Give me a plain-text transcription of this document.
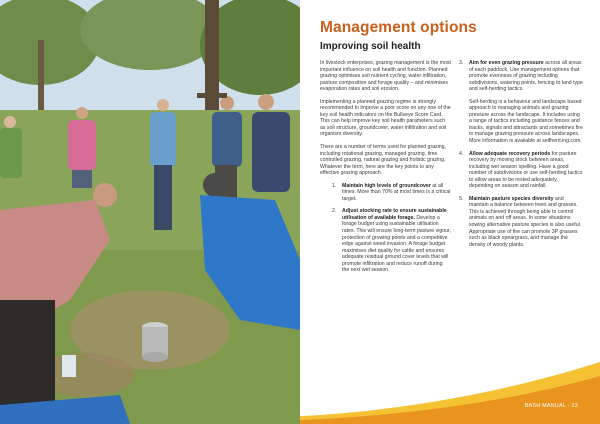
Management options
Improving soil health

In livestock enterprises, grazing management is the most important influence on soil health and function. Planned grazing optimises soil nutrient cycling, water infiltration, pasture composition and forage quality – and minimises evaporation rates and soil erosion.

Implementing a planned grazing regime is strongly recommended to improve a poor score on any one of the key soil health indicators on the Bullseye Score Card. This can help improve key soil health parameters such as soil structure, groundcover, water infiltration and soil organism diversity.

There are a number of terms used for planned grazing, including rotational grazing, managed grazing, time controlled grazing, natural grazing and holistic grazing. Whatever the term, here are the key points to any effective grazing approach.

1. Maintain high levels of groundcover at all times. More than 70% at most times is a critical target.
2. Adjust stocking rate to ensure sustainable utilisation of available forage. Develop a forage budget using sustainable utilisation rates. This will ensure long-term pasture vigour, protection of growing points and a competitive edge against weed invasion. A forage budget maximises diet quality for cattle and ensures adequate residual ground cover levels that will promote infiltration and reduce runoff during the next wet season.
3. Aim for even grazing pressure across all areas of each paddock. Use management options that promote evenness of grazing including subdivisions, watering points, fencing to land type and self-herding tactics.
Self-herding is a behaviour and landscape based approach to managing animals and grazing pressure across the landscape. It includes using a range of tactics including guidance fences and tracks, signals and attractants and sometimes fire to manage grazing pressure across landscapes. More information is available at selfherd.ing.com.
4. Allow adequate recovery periods for pasture recovery by moving stock between areas, including wet season spelling. Have a good number of subdivisions or use self-herding tactics to allow areas to be rested adequately, depending on season and rainfall.
5. Maintain pasture species diversity and maintain a balance between trees and grasses. This is achieved through being able to control animals on and off areas. In some situations sowing alternative pasture species is also useful. Appropriate use of fire can promote 3P grasses such as black speargrass, and manage the density of woody plants.
BASH MANUAL - 23
